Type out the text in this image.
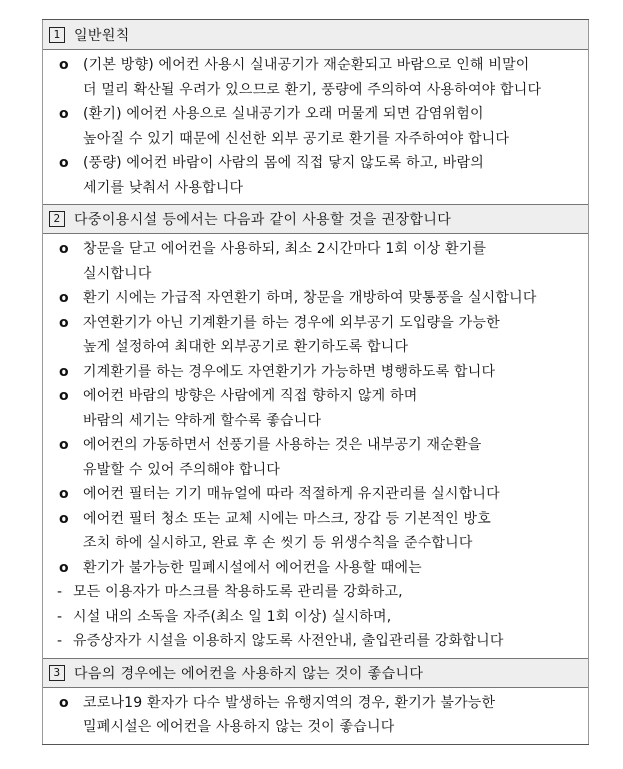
1 일반원칙
o	(기본 방향) 에어컨 사용시 실내공기가 재순환되고 바람으로 인해 비말이
더 멀리 확산될 우려가 있으므로 환기, 풍량에 주의하여 사용하여야 합니다
o	(환기) 에어컨 사용으로 실내공기가 오래 머물게 되면 감염위험이
높아질 수 있기 때문에 신선한 외부 공기로 환기를 자주하여야 합니다
o	(풍량) 에어컨 바람이 사람의 몸에 직접 닿지 않도록 하고, 바람의
세기를 낮춰서 사용합니다
2 다중이용시설 등에서는 다음과 같이 사용할 것을 권장합니다
o	창문을 닫고 에어컨을 사용하되, 최소 2시간마다 1회 이상 환기를
실시합니다
o	환기 시에는 가급적 자연환기 하며, 창문을 개방하여 맞통풍을 실시합니다
o	자연환기가 아닌 기계환기를 하는 경우에 외부공기 도입량을 가능한
높게 설정하여 최대한 외부공기로 환기하도록 합니다
o	기계환기를 하는 경우에도 자연환기가 가능하면 병행하도록 합니다
o	에어컨 바람의 방향은 사람에게 직접 향하지 않게 하며
바람의 세기는 약하게 할수록 좋습니다
o	에어컨의 가동하면서 선풍기를 사용하는 것은 내부공기 재순환을
유발할 수 있어 주의해야 합니다
o	에어컨 필터는 기기 매뉴얼에 따라 적절하게 유지관리를 실시합니다
o	에어컨 필터 청소 또는 교체 시에는 마스크, 장갑 등 기본적인 방호
조치 하에 실시하고, 완료 후 손 씻기 등 위생수칙을 준수합니다
o	환기가 불가능한 밀폐시설에서 에어컨을 사용할 때에는
- 모든 이용자가 마스크를 착용하도록 관리를 강화하고,
- 시설 내의 소독을 자주(최소 일 1회 이상) 실시하며,
- 유증상자가 시설을 이용하지 않도록 사전안내, 출입관리를 강화합니다
3 다음의 경우에는 에어컨을 사용하지 않는 것이 좋습니다
o	코로나19 환자가 다수 발생하는 유행지역의 경우, 환기가 불가능한
밀폐시설은 에어컨을 사용하지 않는 것이 좋습니다
